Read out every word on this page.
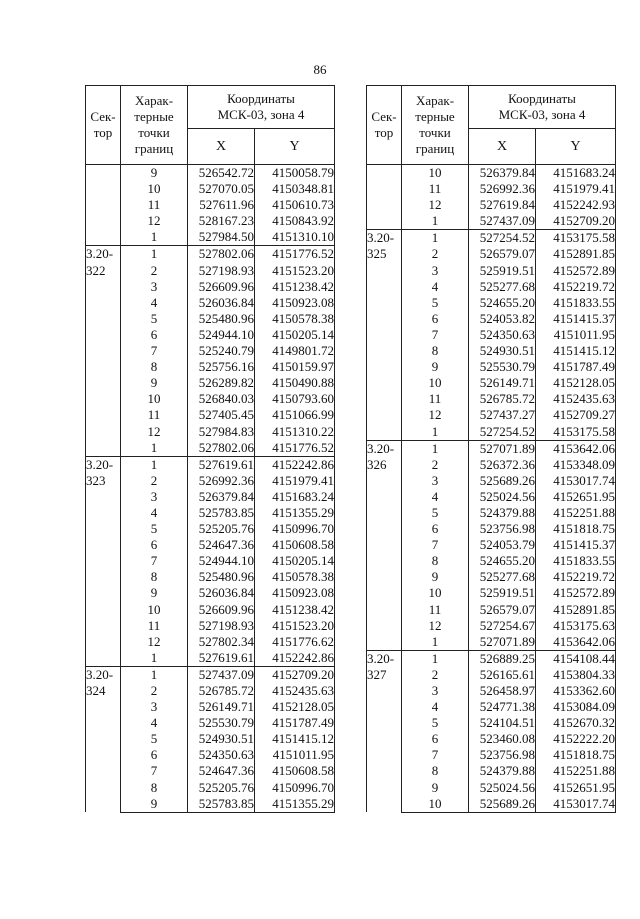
86
Сек-
тор	Харак-
терные
точки
границ	Координаты
МСК-03, зона 4	
		X	Y
	9	526542.72	4150058.79
	10	527070.05	4150348.81
	11	527611.96	4150610.73
	12	528167.23	4150843.92
	1	527984.50	4151310.10
3.20-
322	1	527802.06	4151776.52
	2	527198.93	4151523.20
	3	526609.96	4151238.42
	4	526036.84	4150923.08
	5	525480.96	4150578.38
	6	524944.10	4150205.14
	7	525240.79	4149801.72
	8	525756.16	4150159.97
	9	526289.82	4150490.88
	10	526840.03	4150793.60
	11	527405.45	4151066.99
	12	527984.83	4151310.22
	1	527802.06	4151776.52
3.20-
323	1	527619.61	4152242.86
	2	526992.36	4151979.41
	3	526379.84	4151683.24
	4	525783.85	4151355.29
	5	525205.76	4150996.70
	6	524647.36	4150608.58
	7	524944.10	4150205.14
	8	525480.96	4150578.38
	9	526036.84	4150923.08
	10	526609.96	4151238.42
	11	527198.93	4151523.20
	12	527802.34	4151776.62
	1	527619.61	4152242.86
3.20-
324	1	527437.09	4152709.20
	2	526785.72	4152435.63
	3	526149.71	4152128.05
	4	525530.79	4151787.49
	5	524930.51	4151415.12
	6	524350.63	4151011.95
	7	524647.36	4150608.58
	8	525205.76	4150996.70
	9	525783.85	4151355.29
Сек-
тор	Харак-
терные
точки
границ	Координаты
МСК-03, зона 4	
		X	Y
	10	526379.84	4151683.24
	11	526992.36	4151979.41
	12	527619.84	4152242.93
	1	527437.09	4152709.20
3.20-
325	1	527254.52	4153175.58
	2	526579.07	4152891.85
	3	525919.51	4152572.89
	4	525277.68	4152219.72
	5	524655.20	4151833.55
	6	524053.82	4151415.37
	7	524350.63	4151011.95
	8	524930.51	4151415.12
	9	525530.79	4151787.49
	10	526149.71	4152128.05
	11	526785.72	4152435.63
	12	527437.27	4152709.27
	1	527254.52	4153175.58
3.20-
326	1	527071.89	4153642.06
	2	526372.36	4153348.09
	3	525689.26	4153017.74
	4	525024.56	4152651.95
	5	524379.88	4152251.88
	6	523756.98	4151818.75
	7	524053.79	4151415.37
	8	524655.20	4151833.55
	9	525277.68	4152219.72
	10	525919.51	4152572.89
	11	526579.07	4152891.85
	12	527254.67	4153175.63
	1	527071.89	4153642.06
3.20-
327	1	526889.25	4154108.44
	2	526165.61	4153804.33
	3	526458.97	4153362.60
	4	524771.38	4153084.09
	5	524104.51	4152670.32
	6	523460.08	4152222.20
	7	523756.98	4151818.75
	8	524379.88	4152251.88
	9	525024.56	4152651.95
	10	525689.26	4153017.74
